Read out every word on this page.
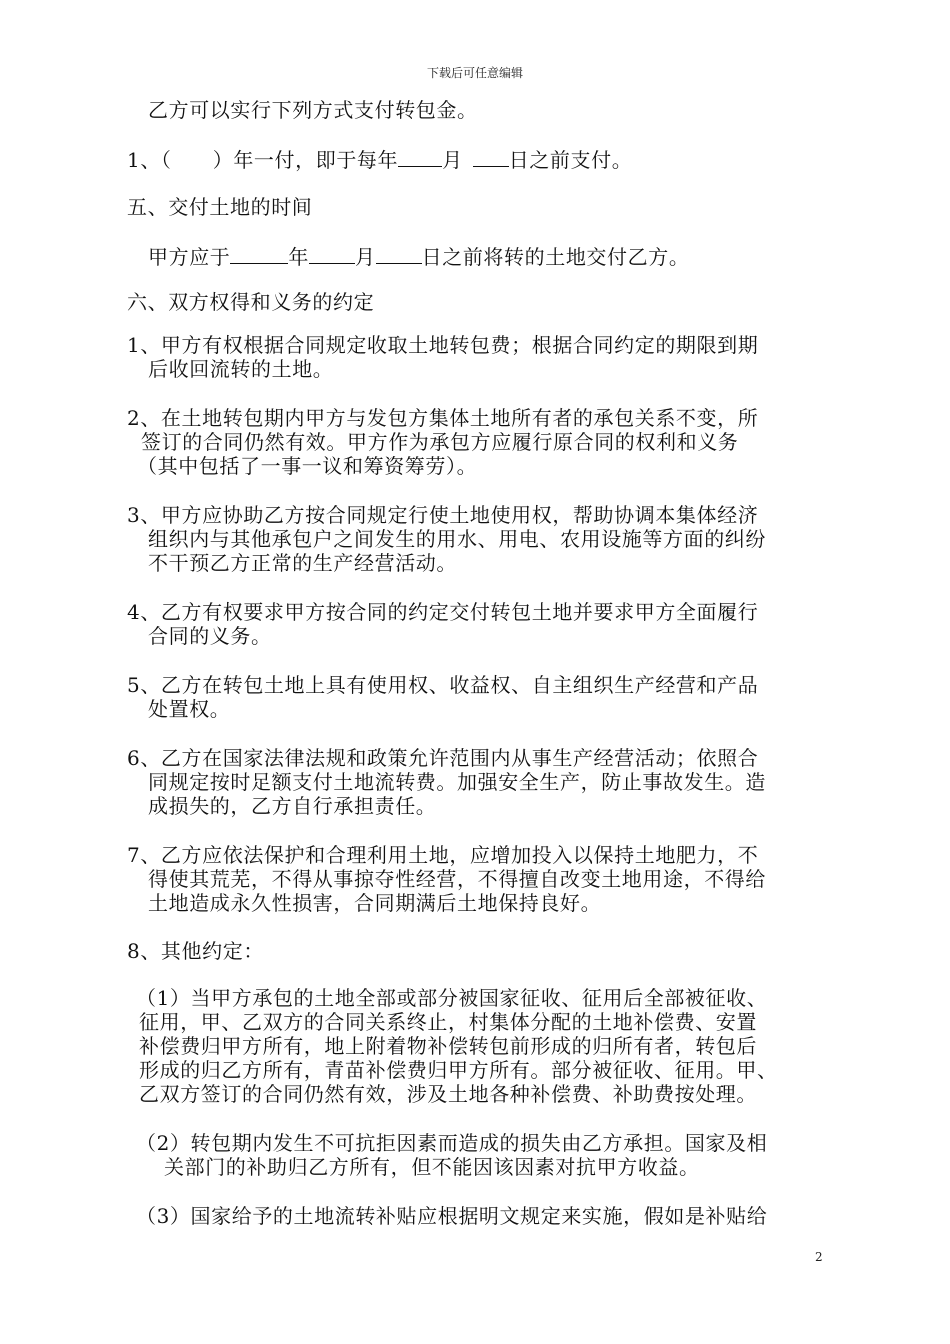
下载后可任意编辑
乙方可以实行下列方式支付转包金。
1、（　　）年一付，即于每年 月 日之前支付。
五、交付土地的时间
甲方应于	年 月 日之前将转的土地交付乙方。
六、双方权得和义务的约定
1、甲方有权根据合同规定收取土地转包费；根据合同约定的期限到期
后收回流转的土地。
2、在土地转包期内甲方与发包方集体土地所有者的承包关系不变，所
签订的合同仍然有效。甲方作为承包方应履行原合同的权利和义务
（其中包括了一事一议和筹资筹劳）。
3、甲方应协助乙方按合同规定行使土地使用权，帮助协调本集体经济
组织内与其他承包户之间发生的用水、用电、农用设施等方面的纠纷
不干预乙方正常的生产经营活动。
4、乙方有权要求甲方按合同的约定交付转包土地并要求甲方全面履行
合同的义务。
5、乙方在转包土地上具有使用权、收益权、自主组织生产经营和产品
处置权。
6、乙方在国家法律法规和政策允许范围内从事生产经营活动；依照合
同规定按时足额支付土地流转费。加强安全生产，防止事故发生。造
成损失的，乙方自行承担责任。
7、乙方应依法保护和合理利用土地，应增加投入以保持土地肥力，不
得使其荒芜，不得从事掠夺性经营，不得擅自改变土地用途，不得给
土地造成永久性损害，合同期满后土地保持良好。
8、其他约定：
（1）当甲方承包的土地全部或部分被国家征收、征用后全部被征收、
征用，甲、乙双方的合同关系终止，村集体分配的土地补偿费、安置
补偿费归甲方所有，地上附着物补偿转包前形成的归所有者，转包后
形成的归乙方所有，青苗补偿费归甲方所有。部分被征收、征用。甲、
乙双方签订的合同仍然有效，涉及土地各种补偿费、补助费按处理。
（2）转包期内发生不可抗拒因素而造成的损失由乙方承担。国家及相
关部门的补助归乙方所有，但不能因该因素对抗甲方收益。
（3）国家给予的土地流转补贴应根据明文规定来实施，假如是补贴给
2
